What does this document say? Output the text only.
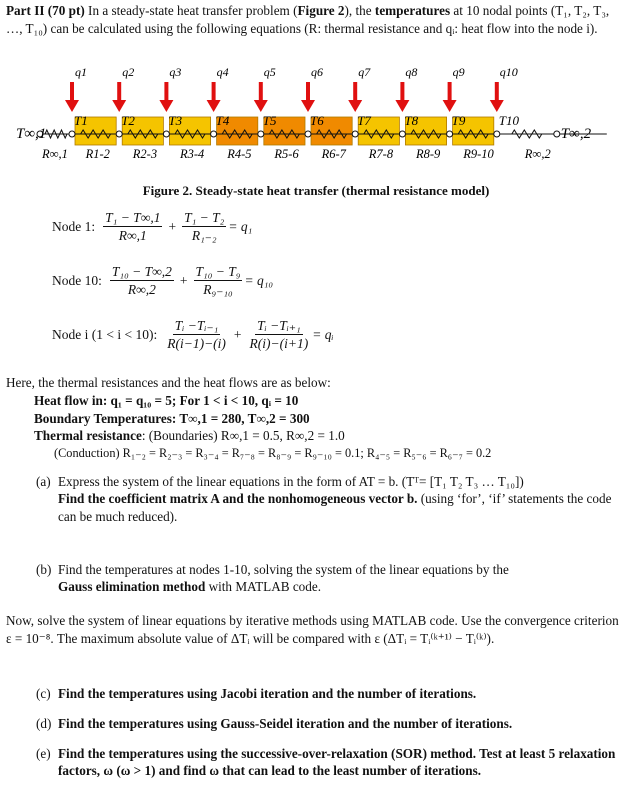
Part II (70 pt) In a steady-state heat transfer problem (Figure 2), the temperatures at 10 nodal points (T₁, T₂, T₃, …, T₁₀) can be calculated using the following equations (R: thermal resistance and qᵢ: heat flow into the node i).

q1
T1
q2
T2
q3
T3
q4
T4
q5
T5
q6
T6
q7
T7
q8
T8
q9
T9
q10
T10
T∞,1	T∞,2
R∞,1 R1-2 R2-3 R3-4 R4-5 R5-6 R6-7 R7-8 R8-9 R9-10 R∞,2
Figure 2. Steady-state heat transfer (thermal resistance model)
Node 1: $\frac{\text{T₁ − T∞,1}}{R\infty,1} + \frac{\text{T₁ − T₂}}{\text{R₁₋₂}} = q_1$
Node 10: $\frac{\text{T₁₀ − T∞,2}}{R\infty,2} + \frac{\text{T₁₀ − T₉}}{\text{R₉₋₁₀}} = q_{10}$
Node i (1 < i < 10): $\frac{\text{Tᵢ −Tᵢ₋₁}}{R(i-1)-(i)} + \frac{\text{Tᵢ −Tᵢ₊₁}}{R(i)-(i+1)}$ = qᵢ
Here, the thermal resistances and the heat flows are as below:
Heat flow in: q₁ = q₁₀ = 5; For 1 < i < 10, qᵢ = 10
Boundary Temperatures: T∞,1 = 280, T∞,2 = 300
Thermal resistance: (Boundaries) R∞,1 = 0.5, R∞,2 = 1.0
(Conduction) R₁₋₂ = R₂₋₃ = R₃₋₄ = R₇₋₈ = R₈₋₉ = R₉₋₁₀ = 0.1; R₄₋₅ = R₅₋₆ = R₆₋₇ = 0.2
(a) Express the system of the linear equations in the form of AT = b. (Tᵀ= [T₁ T₂ T₃ … T₁₀])
Find the coefficient matrix A and the nonhomogeneous vector b. (using ‘for’, ‘if’ statements the code can be much reduced).
(b) Find the temperatures at nodes 1-10, solving the system of the linear equations by the
Gauss elimination method with MATLAB code.
Now, solve the system of linear equations by iterative methods using MATLAB code. Use the convergence criterion ε = 10⁻⁸. The maximum absolute value of ΔTᵢ will be compared with ε (ΔTᵢ = Tᵢ⁽ᵏ⁺¹⁾ − Tᵢ⁽ᵏ⁾).
(c) Find the temperatures using Jacobi iteration and the number of iterations.
(d) Find the temperatures using Gauss-Seidel iteration and the number of iterations.
(e) Find the temperatures using the successive-over-relaxation (SOR) method. Test at least 5 relaxation factors, ω (ω > 1) and find ω that can lead to the least number of iterations.
